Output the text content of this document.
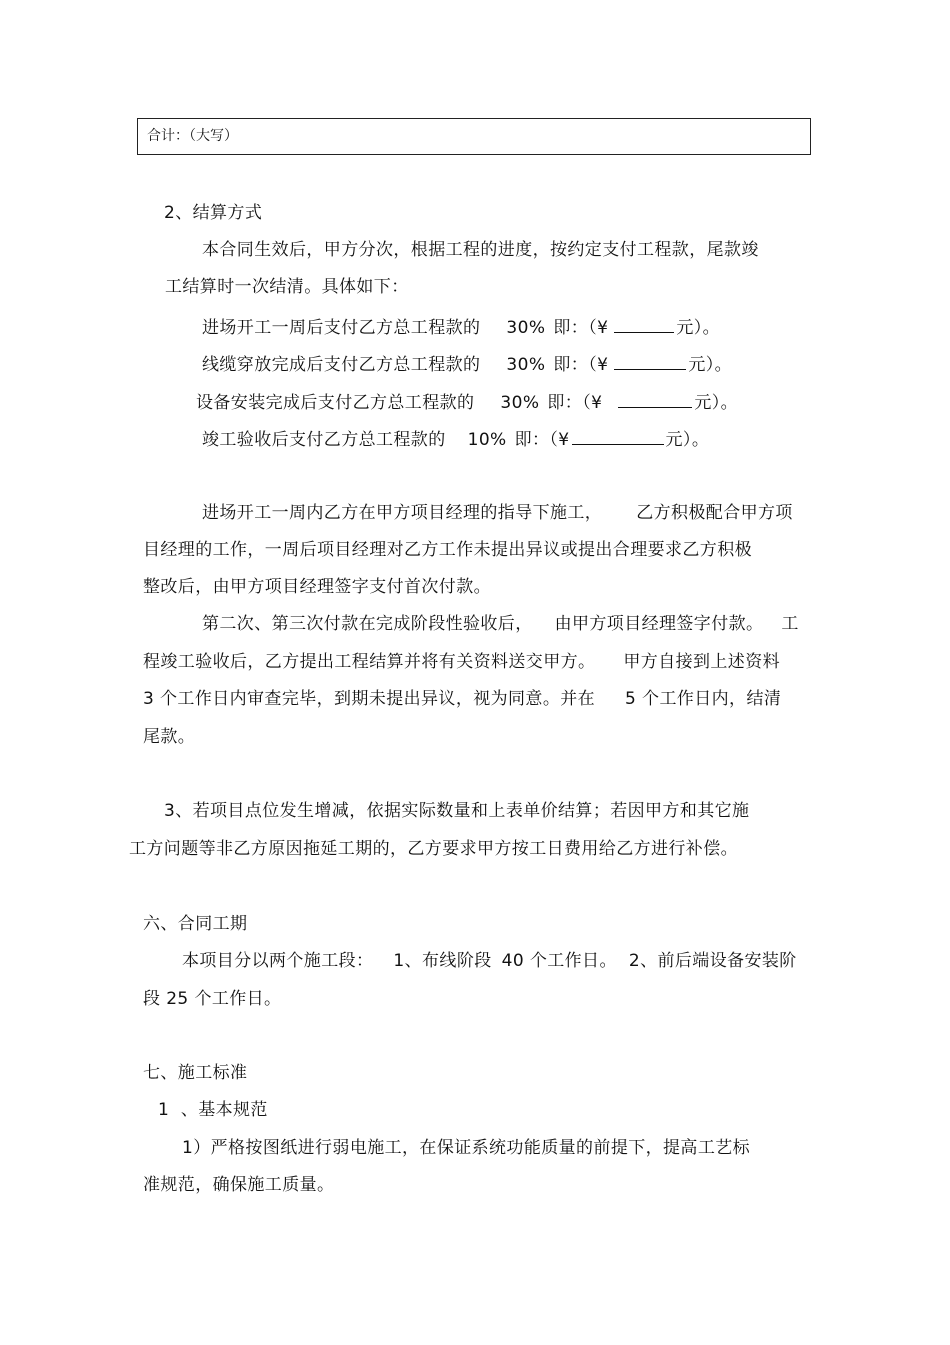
合计：（大写）
2、结算方式
本合同生效后，甲方分次，根据工程的进度，按约定支付工程款，尾款竣
工结算时一次结清。具体如下：
进场开工一周后支付乙方总工程款的 30% 即：（¥	元）。
线缆穿放完成后支付乙方总工程款的 30% 即：（¥	元）。
设备安装完成后支付乙方总工程款的 30% 即：（¥	元）。
竣工验收后支付乙方总工程款的 10% 即：（¥	元）。
进场开工一周内乙方在甲方项目经理的指导下施工， 乙方积极配合甲方项
目经理的工作，一周后项目经理对乙方工作未提出异议或提出合理要求乙方积极
整改后，由甲方项目经理签字支付首次付款。
第二次、第三次付款在完成阶段性验收后， 由甲方项目经理签字付款。 工
程竣工验收后，乙方提出工程结算并将有关资料送交甲方。 甲方自接到上述资料
3 个工作日内审查完毕，到期未提出异议，视为同意。并在 5 个工作日内，结清
尾款。
3、若项目点位发生增减，依据实际数量和上表单价结算；若因甲方和其它施
工方问题等非乙方原因拖延工期的，乙方要求甲方按工日费用给乙方进行补偿。
六、合同工期
本项目分以两个施工段： 1、布线阶段 40 个工作日。 2、前后端设备安装阶
段 25 个工作日。
七、施工标准
1  、基本规范
1）严格按图纸进行弱电施工，在保证系统功能质量的前提下，提高工艺标
准规范，确保施工质量。
